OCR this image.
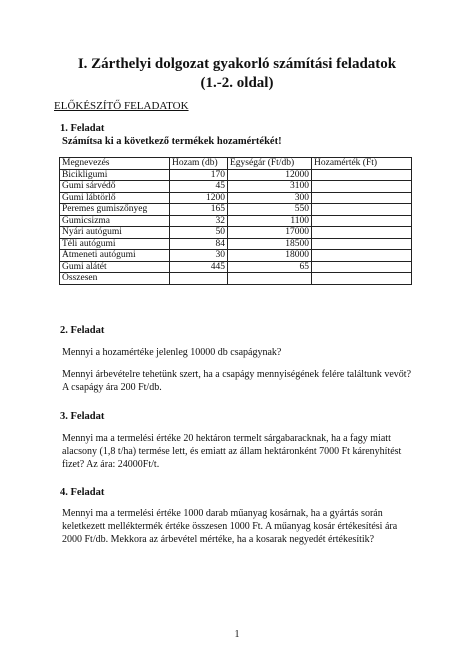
I. Zárthelyi dolgozat gyakorló számítási feladatok
(1.-2. oldal)
ELŐKÉSZÍTŐ FELADATOK
1. Feladat
Számítsa ki a következő termékek hozamértékét!
Megnevezés	Hozam (db)	Egységár (Ft/db)	Hozamérték (Ft)
Bicikligumi	170	12000	
Gumi sárvédő	45	3100	
Gumi lábtörlő	1200	300	
Peremes gumiszőnyeg	165	550	
Gumicsizma	32	1100	
Nyári autógumi	50	17000	
Téli autógumi	84	18500	
Átmeneti autógumi	30	18000	
Gumi alátét	445	65	
Összesen			
2. Feladat
Mennyi a hozamértéke jelenleg 10000 db csapágynak?
Mennyi árbevételre tehetünk szert, ha a csapágy mennyiségének felére találtunk vevőt? A csapágy ára 200 Ft/db.
3. Feladat
Mennyi ma a termelési értéke 20 hektáron termelt sárgabaracknak, ha a fagy miatt alacsony (1,8 t/ha) termése lett, és emiatt az állam hektáronként 7000 Ft kárenyhítést fizet? Az ára: 24000Ft/t.
4. Feladat
Mennyi ma a termelési értéke 1000 darab műanyag kosárnak, ha a gyártás során keletkezett melléktermék értéke összesen 1000 Ft. A műanyag kosár értékesítési ára 2000 Ft/db. Mekkora az árbevétel mértéke, ha a kosarak negyedét értékesítik?
1
